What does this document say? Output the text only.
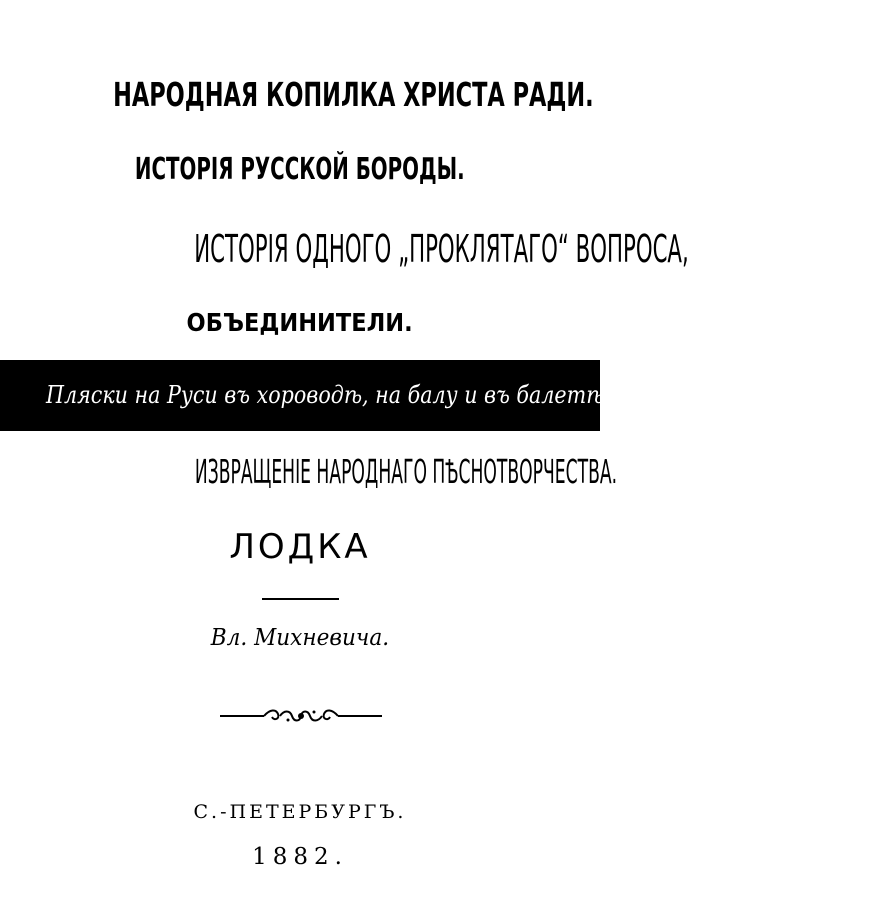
НАРОДНАЯ КОПИЛКА ХРИСТА РАДИ.
ИСТОРІЯ РУССКОЙ БОРОДЫ.
ИСТОРІЯ ОДНОГО „ПРОКЛЯТАГО“ ВОПРОСА,
ОБЪЕДИНИТЕЛИ.
Пляски на Руси въ хороводѣ, на балу и въ балетѣ.
ИЗВРАЩЕНІЕ НАРОДНАГО ПѢСНОТВОРЧЕСТВА.
ЛОДКА
Вл. Михневича.
С.-ПЕТЕРБУРГЪ.
1882.
